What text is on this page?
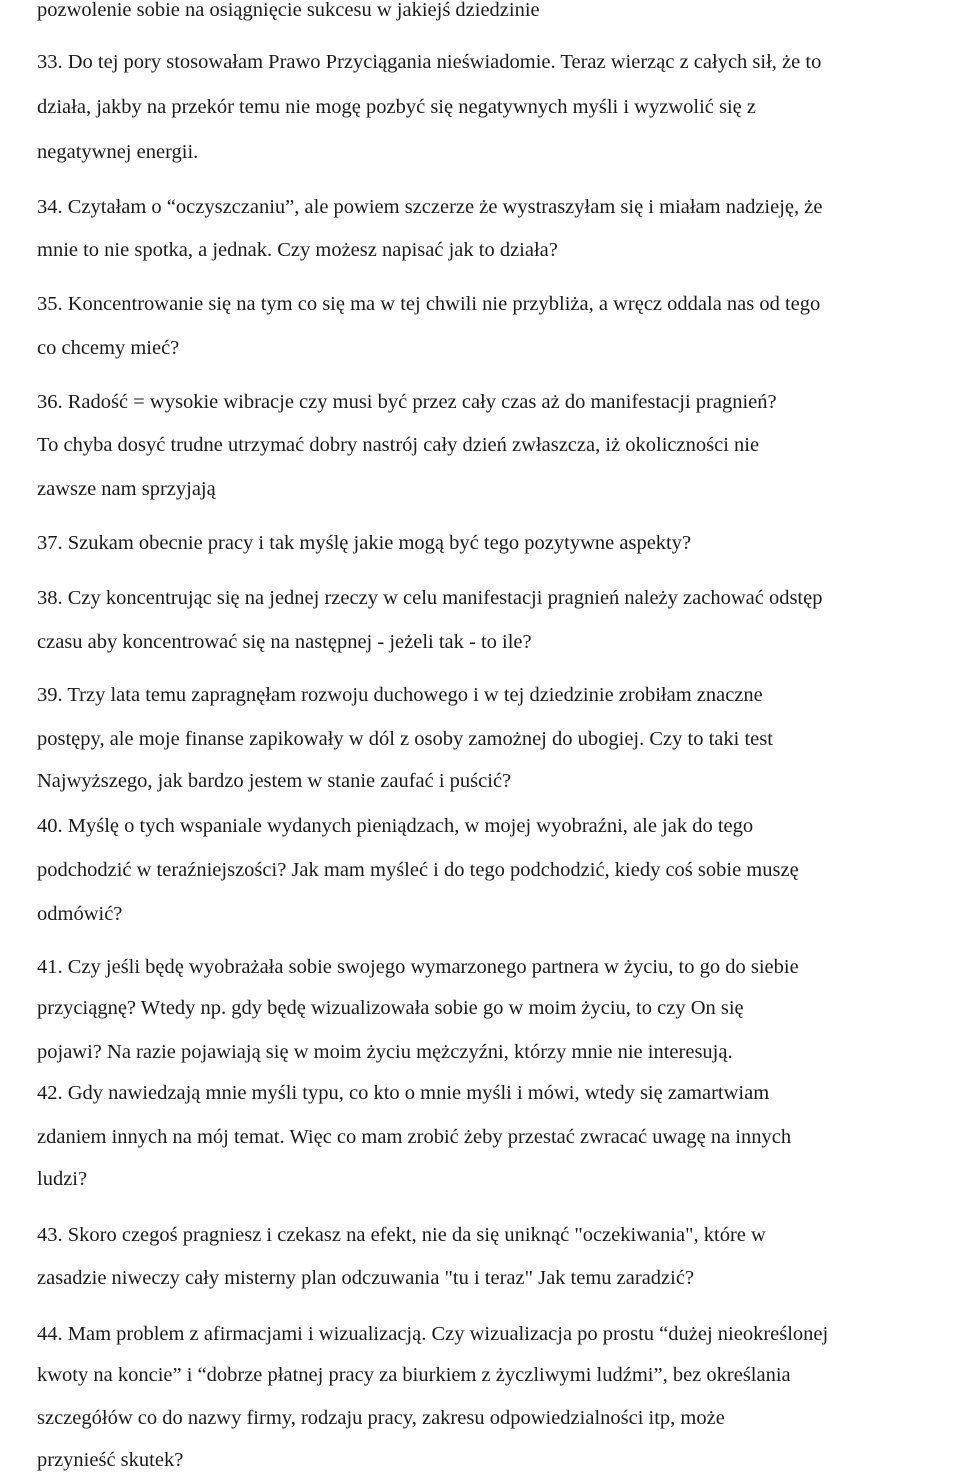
pozwolenie sobie na osiągnięcie sukcesu w jakiejś dziedzinie
33. Do tej pory stosowałam Prawo Przyciągania nieświadomie. Teraz wierząc z całych sił, że to
działa, jakby na przekór temu nie mogę pozbyć się negatywnych myśli i wyzwolić się z
negatywnej energii.
34. Czytałam o “oczyszczaniu”, ale powiem szczerze że wystraszyłam się i miałam nadzieję, że
mnie to nie spotka, a jednak. Czy możesz napisać jak to działa?
35. Koncentrowanie się na tym co się ma w tej chwili nie przybliża, a wręcz oddala nas od tego
co chcemy mieć?
36. Radość = wysokie wibracje czy musi być przez cały czas aż do manifestacji pragnień?
To chyba dosyć trudne utrzymać dobry nastrój cały dzień zwłaszcza, iż okoliczności nie
zawsze nam sprzyjają
37. Szukam obecnie pracy i tak myślę jakie mogą być tego pozytywne aspekty?
38. Czy koncentrując się na jednej rzeczy w celu manifestacji pragnień należy zachować odstęp
czasu aby koncentrować się na następnej - jeżeli tak - to ile?
39. Trzy lata temu zapragnęłam rozwoju duchowego i w tej dziedzinie zrobiłam znaczne
postępy, ale moje finanse zapikowały w dól z osoby zamożnej do ubogiej. Czy to taki test
Najwyższego, jak bardzo jestem w stanie zaufać i puścić?
40. Myślę o tych wspaniale wydanych pieniądzach, w mojej wyobraźni, ale jak do tego
podchodzić w teraźniejszości? Jak mam myśleć i do tego podchodzić, kiedy coś sobie muszę
odmówić?
41. Czy jeśli będę wyobrażała sobie swojego wymarzonego partnera w życiu, to go do siebie
przyciągnę? Wtedy np. gdy będę wizualizowała sobie go w moim życiu, to czy On się
pojawi? Na razie pojawiają się w moim życiu mężczyźni, którzy mnie nie interesują.
42. Gdy nawiedzają mnie myśli typu, co kto o mnie myśli i mówi, wtedy się zamartwiam
zdaniem innych na mój temat. Więc co mam zrobić żeby przestać zwracać uwagę na innych
ludzi?
43. Skoro czegoś pragniesz i czekasz na efekt, nie da się uniknąć "oczekiwania", które w
zasadzie niweczy cały misterny plan odczuwania "tu i teraz" Jak temu zaradzić?
44. Mam problem z afirmacjami i wizualizacją. Czy wizualizacja po prostu “dużej nieokreślonej
kwoty na koncie” i “dobrze płatnej pracy za biurkiem z życzliwymi ludźmi”, bez określania
szczegółów co do nazwy firmy, rodzaju pracy, zakresu odpowiedzialności itp, może
przynieść skutek?
